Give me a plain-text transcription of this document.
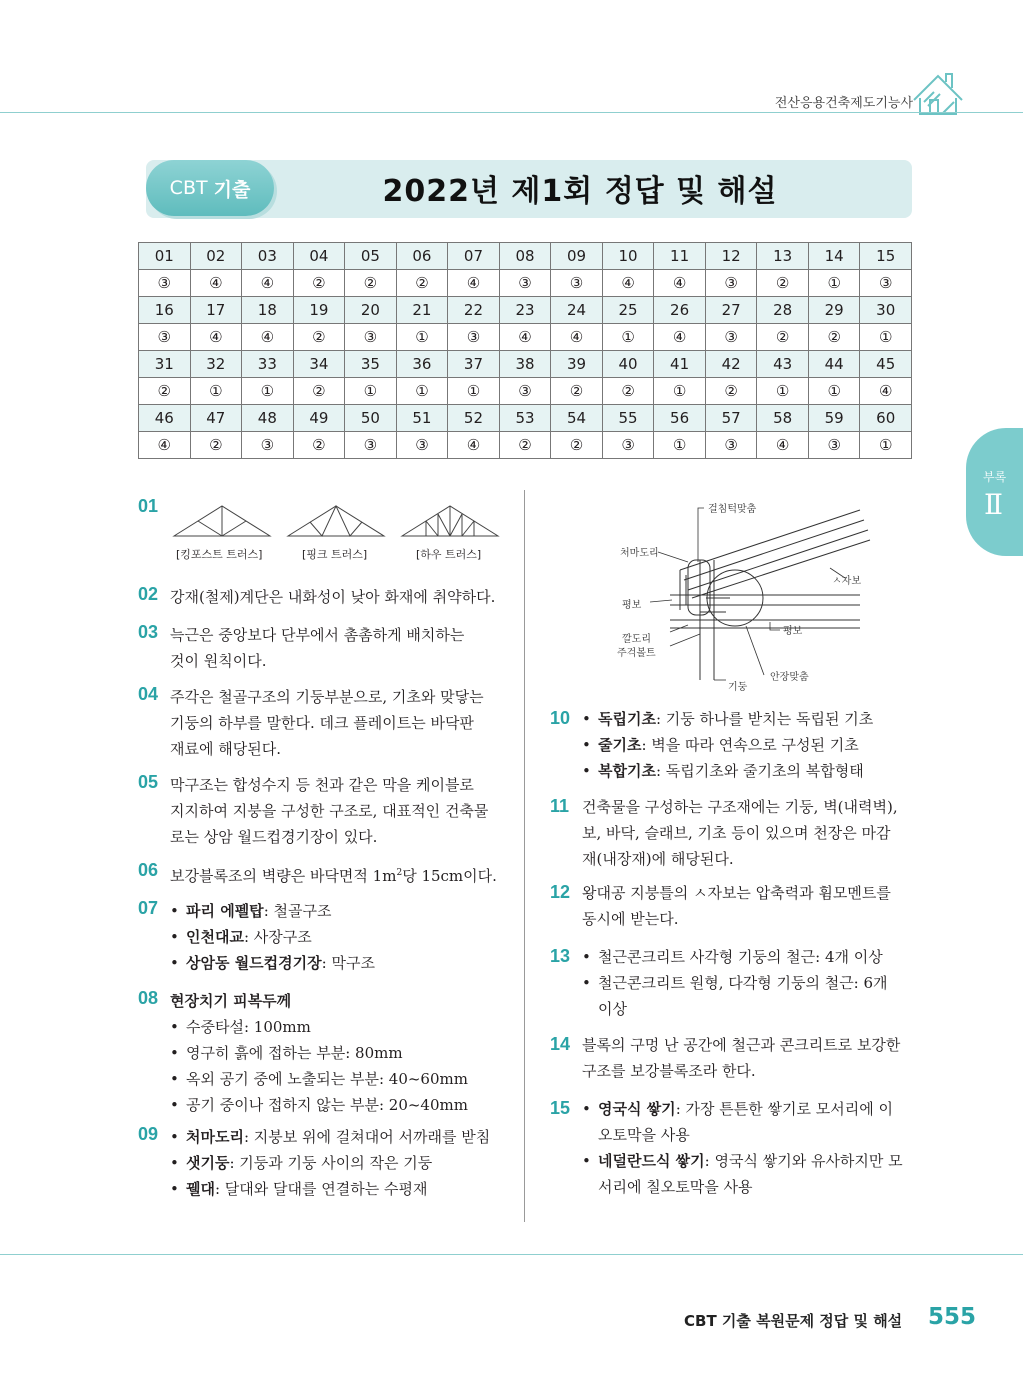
전산응용건축제도기능사
CBT 기출	2022년 제1회 정답 및 해설
01	02	03	04	05	06	07	08	09	10	11	12	13	14	15
③	④	④	②	②	②	④	③	③	④	④	③	②	①	③
16	17	18	19	20	21	22	23	24	25	26	27	28	29	30
③	④	④	②	③	①	③	④	④	①	④	③	②	②	①
31	32	33	34	35	36	37	38	39	40	41	42	43	44	45
②	①	①	②	①	①	①	③	②	②	①	②	①	①	④
46	47	48	49	50	51	52	53	54	55	56	57	58	59	60
④	②	③	②	③	③	④	②	②	③	①	③	④	③	①
부록
Ⅱ
01
[킹포스트 트러스]	[핑크 트러스]	[하우 트러스]
02 강재(철제)계단은 내화성이 낮아 화재에 취약하다.
03 늑근은 중앙보다 단부에서 촘촘하게 배치하는
것이 원칙이다.
04 주각은 철골구조의 기둥부분으로, 기초와 맞닿는
기둥의 하부를 말한다. 데크 플레이트는 바닥판
재료에 해당된다.
05 막구조는 합성수지 등 천과 같은 막을 케이블로
지지하여 지붕을 구성한 구조로, 대표적인 건축물
로는 상암 월드컵경기장이 있다.
06 보강블록조의 벽량은 바닥면적 $1m^2$당 15cm이다.
07	• 파리 에펠탑: 철골구조
• 인천대교: 사장구조
• 상암동 월드컵경기장: 막구조
08 현장치기 피복두께
• 수중타설: 100mm
• 영구히 흙에 접하는 부분: 80mm
• 옥외 공기 중에 노출되는 부분: 40~60mm
• 공기 중이나 접하지 않는 부분: 20~40mm
09	• 처마도리: 지붕보 위에 걸쳐대어 서까래를 받침
• 샛기둥: 기둥과 기둥 사이의 작은 기둥
• 꿸대: 달대와 달대를 연결하는 수평재
걸침턱맞춤
처마도리
ㅅ자보
평보
평보
깔도리
주걱볼트
안장맞춤
기둥
10	• 독립기초: 기둥 하나를 받치는 독립된 기초
• 줄기초: 벽을 따라 연속으로 구성된 기초
• 복합기초: 독립기초와 줄기초의 복합형태
11 건축물을 구성하는 구조재에는 기둥, 벽(내력벽),
보, 바닥, 슬래브, 기초 등이 있으며 천장은 마감
재(내장재)에 해당된다.
12 왕대공 지붕틀의 ㅅ자보는 압축력과 휨모멘트를
동시에 받는다.
13	• 철근콘크리트 사각형 기둥의 철근: 4개 이상
• 철근콘크리트 원형, 다각형 기둥의 철근: 6개
이상
14 블록의 구멍 난 공간에 철근과 콘크리트로 보강한
구조를 보강블록조라 한다.
15 • 영국식 쌓기: 가장 튼튼한 쌓기로 모서리에 이
오토막을 사용
• 네덜란드식 쌓기: 영국식 쌓기와 유사하지만 모
서리에 칠오토막을 사용
CBT 기출 복원문제 정답 및 해설 555
